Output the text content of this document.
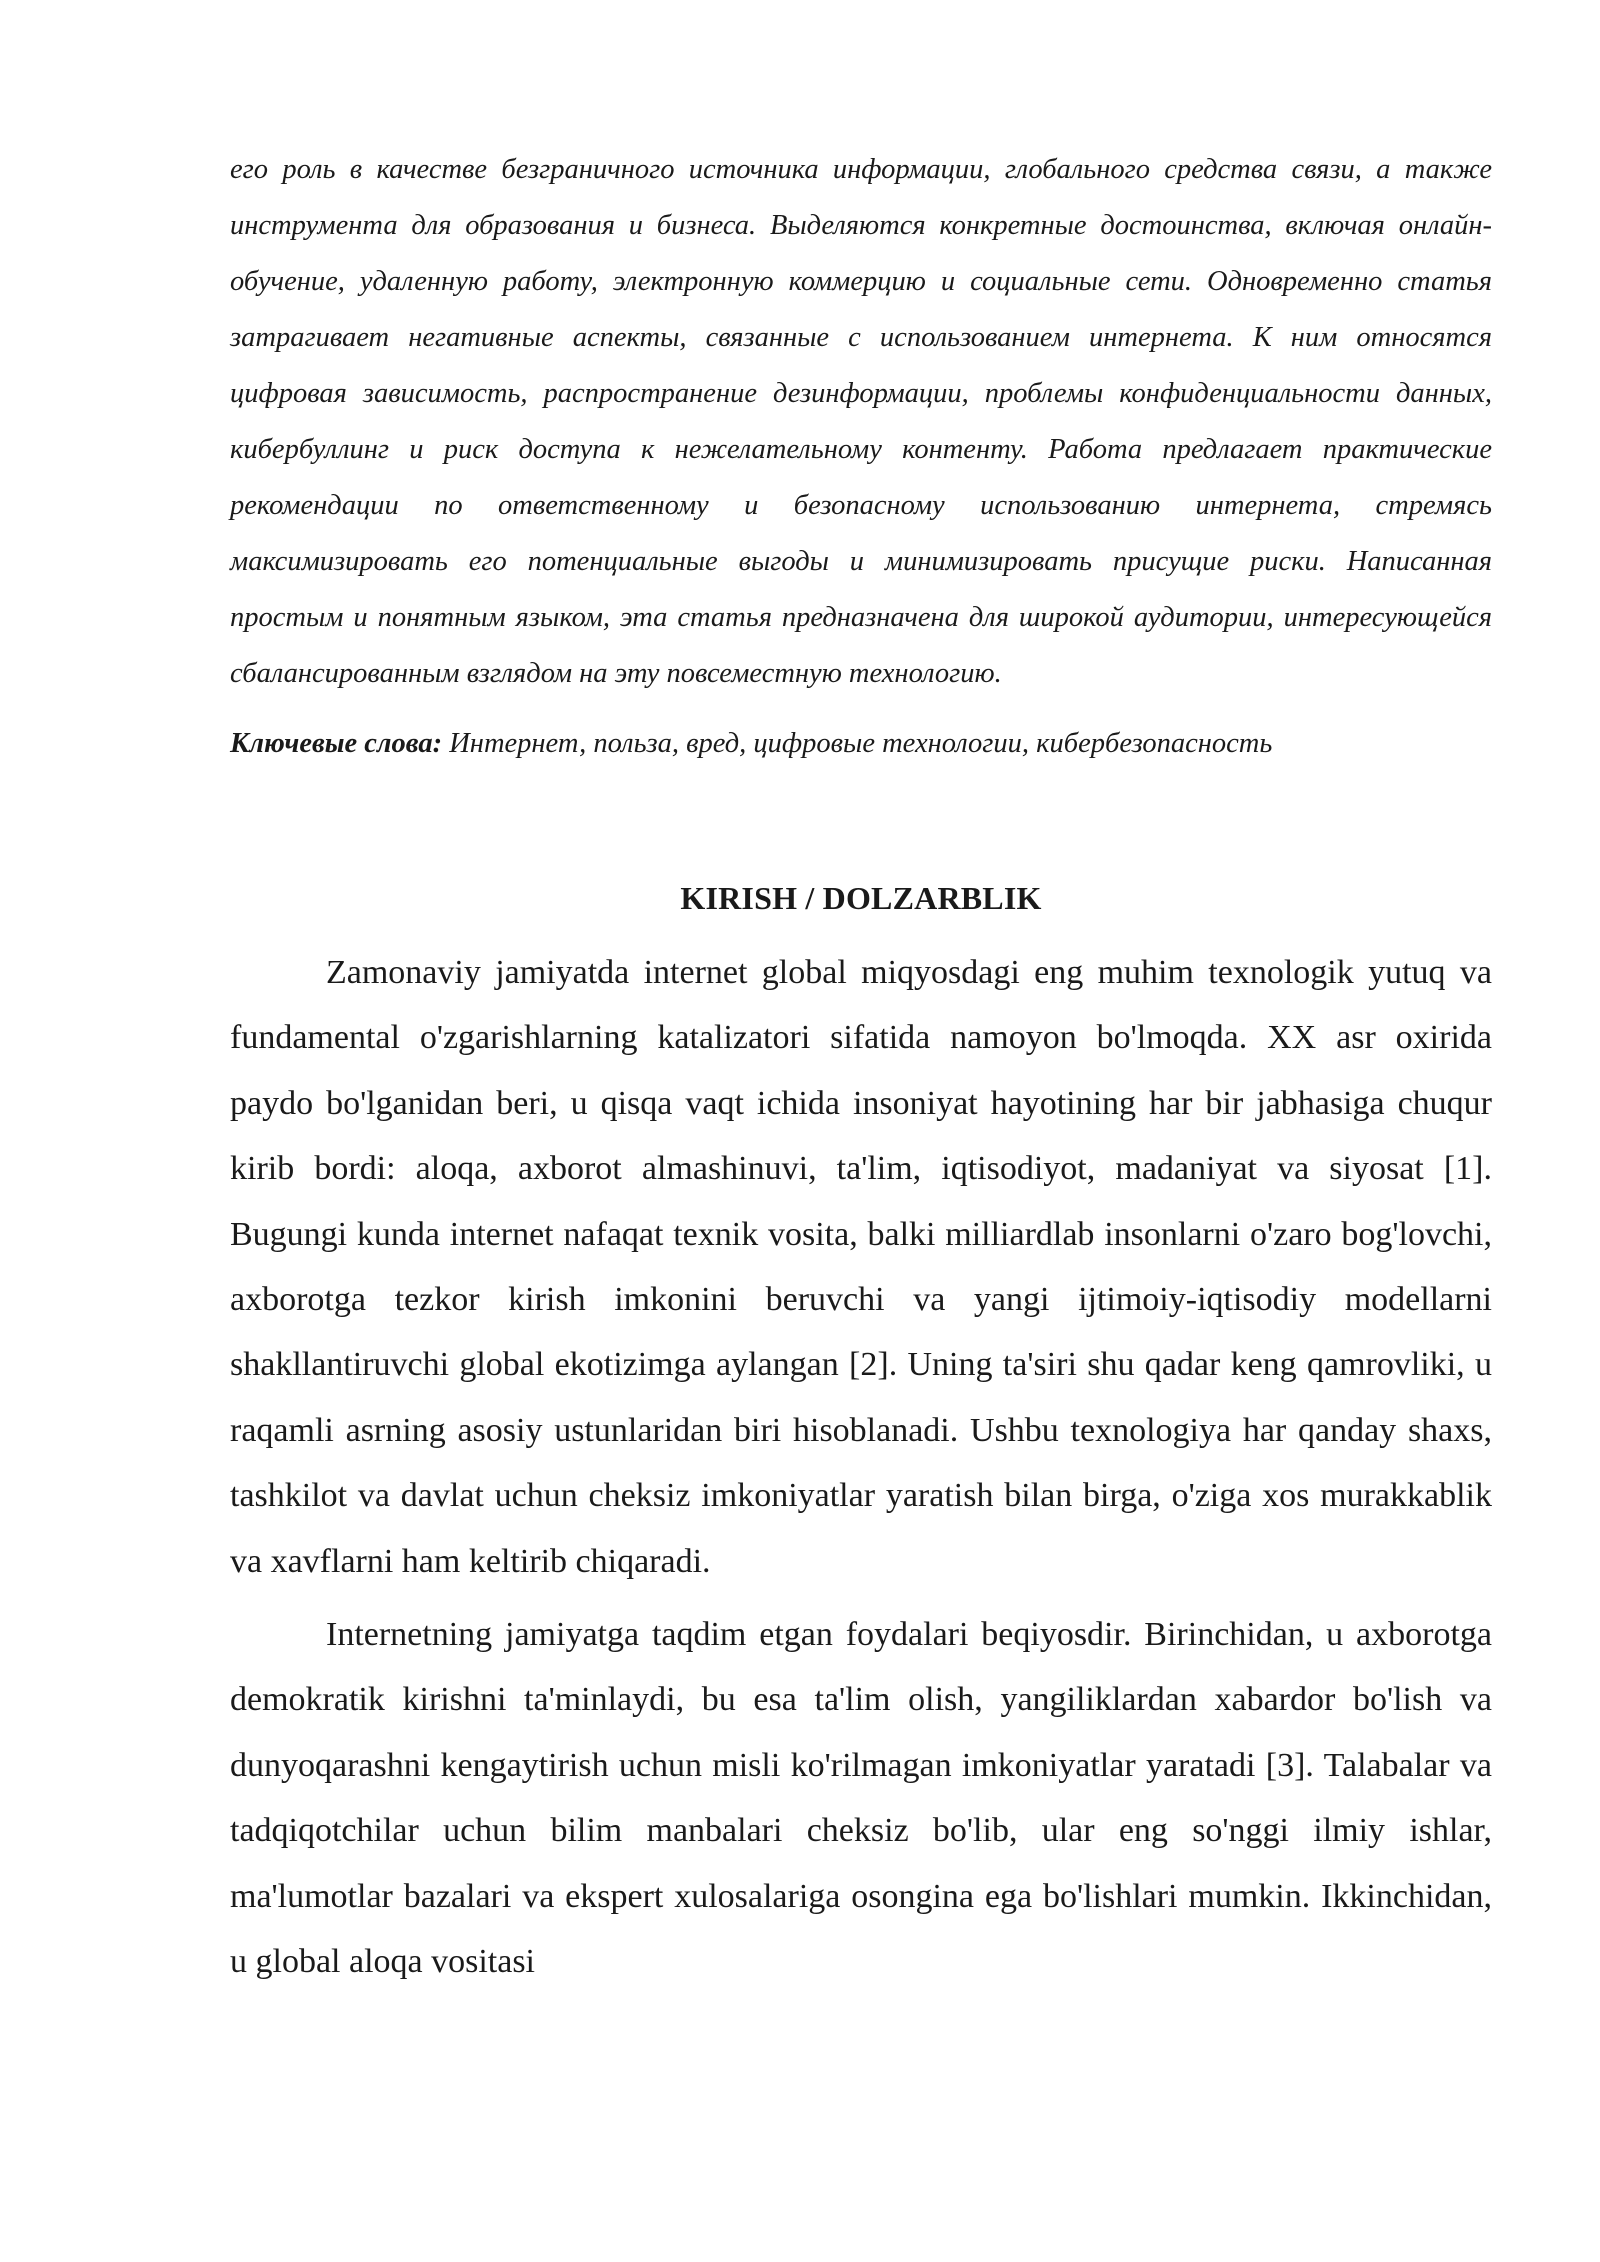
его роль в качестве безграничного источника информации, глобального средства связи, а также инструмента для образования и бизнеса. Выделяются конкретные достоинства, включая онлайн-обучение, удаленную работу, электронную коммерцию и социальные сети. Одновременно статья затрагивает негативные аспекты, связанные с использованием интернета. К ним относятся цифровая зависимость, распространение дезинформации, проблемы конфиденциальности данных, кибербуллинг и риск доступа к нежелательному контенту. Работа предлагает практические рекомендации по ответственному и безопасному использованию интернета, стремясь максимизировать его потенциальные выгоды и минимизировать присущие риски. Написанная простым и понятным языком, эта статья предназначена для широкой аудитории, интересующейся сбалансированным взглядом на эту повсеместную технологию.

Ключевые слова: Интернет, польза, вред, цифровые технологии, кибербезопасность

KIRISH / DOLZARBLIK

Zamonaviy jamiyatda internet global miqyosdagi eng muhim texnologik yutuq va fundamental o'zgarishlarning katalizatori sifatida namoyon bo'lmoqda. XX asr oxirida paydo bo'lganidan beri, u qisqa vaqt ichida insoniyat hayotining har bir jabhasiga chuqur kirib bordi: aloqa, axborot almashinuvi, ta'lim, iqtisodiyot, madaniyat va siyosat [1]. Bugungi kunda internet nafaqat texnik vosita, balki milliardlab insonlarni o'zaro bog'lovchi, axborotga tezkor kirish imkonini beruvchi va yangi ijtimoiy-iqtisodiy modellarni shakllantiruvchi global ekotizimga aylangan [2]. Uning ta'siri shu qadar keng qamrovliki, u raqamli asrning asosiy ustunlaridan biri hisoblanadi. Ushbu texnologiya har qanday shaxs, tashkilot va davlat uchun cheksiz imkoniyatlar yaratish bilan birga, o'ziga xos murakkablik va xavflarni ham keltirib chiqaradi.

Internetning jamiyatga taqdim etgan foydalari beqiyosdir. Birinchidan, u axborotga demokratik kirishni ta'minlaydi, bu esa ta'lim olish, yangiliklardan xabardor bo'lish va dunyoqarashni kengaytirish uchun misli ko'rilmagan imkoniyatlar yaratadi [3]. Talabalar va tadqiqotchilar uchun bilim manbalari cheksiz bo'lib, ular eng so'nggi ilmiy ishlar, ma'lumotlar bazalari va ekspert xulosalariga osongina ega bo'lishlari mumkin. Ikkinchidan, u global aloqa vositasi
